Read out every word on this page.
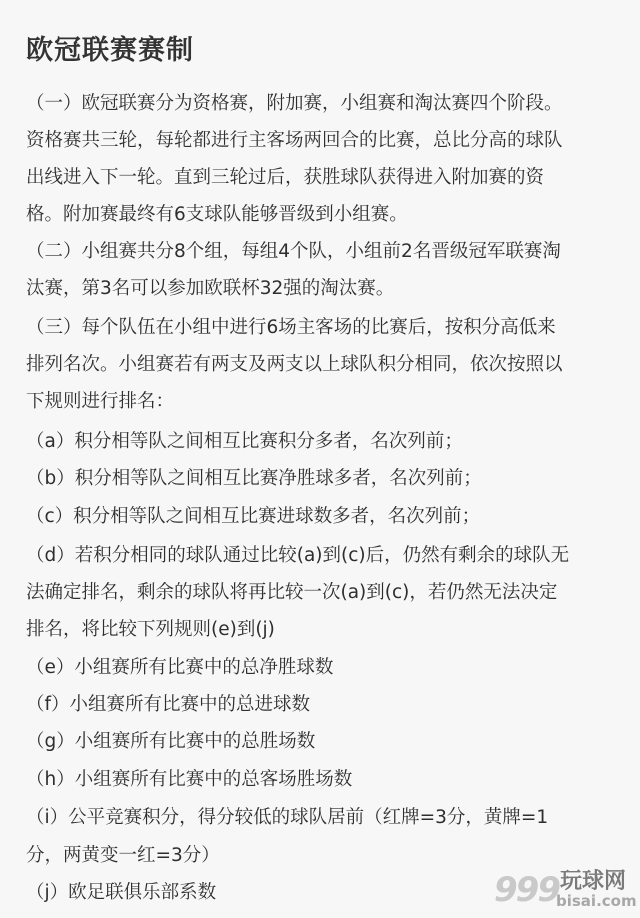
欧冠联赛赛制
（一）欧冠联赛分为资格赛，附加赛，小组赛和淘汰赛四个阶段。
资格赛共三轮，每轮都进行主客场两回合的比赛，总比分高的球队
出线进入下一轮。直到三轮过后，获胜球队获得进入附加赛的资
格。附加赛最终有6支球队能够晋级到小组赛。
（二）小组赛共分8个组，每组4个队，小组前2名晋级冠军联赛淘
汰赛，第3名可以参加欧联杯32强的淘汰赛。
（三）每个队伍在小组中进行6场主客场的比赛后，按积分高低来
排列名次。小组赛若有两支及两支以上球队积分相同，依次按照以
下规则进行排名：
（a）积分相等队之间相互比赛积分多者，名次列前；
（b）积分相等队之间相互比赛净胜球多者，名次列前；
（c）积分相等队之间相互比赛进球数多者，名次列前；
（d）若积分相同的球队通过比较(a)到(c)后，仍然有剩余的球队无
法确定排名，剩余的球队将再比较一次(a)到(c)，若仍然无法决定
排名，将比较下列规则(e)到(j)
（e）小组赛所有比赛中的总净胜球数
（f）小组赛所有比赛中的总进球数
（g）小组赛所有比赛中的总胜场数
（h）小组赛所有比赛中的总客场胜场数
（i）公平竞赛积分，得分较低的球队居前（红牌=3分，黄牌=1
分，两黄变一红=3分）
（j）欧足联俱乐部系数	999 玩球网
bisai.com
